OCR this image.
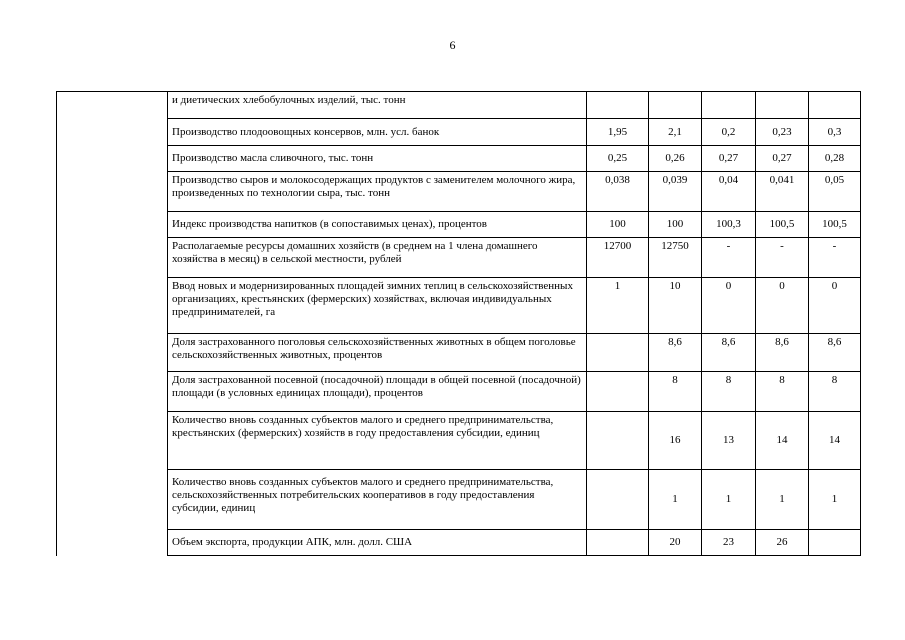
6
	и диетических хлебобулочных изделий, тыс. тонн					
	Производство плодоовощных консервов, млн. усл. банок	1,95	2,1	0,2	0,23	0,3
	Производство масла сливочного, тыс. тонн	0,25	0,26	0,27	0,27	0,28
	Производство сыров и молокосодержащих продуктов с заменителем молочного жира, произведенных по технологии сыра, тыс. тонн	0,038	0,039	0,04	0,041	0,05
	Индекс производства напитков (в сопоставимых ценах), процентов	100	100	100,3	100,5	100,5
	Располагаемые ресурсы домашних хозяйств (в среднем на 1 члена домашнего хозяйства в месяц) в сельской местности, рублей	12700	12750	-	-	-
	Ввод новых и модернизированных площадей зимних теплиц в сельскохозяйственных организациях, крестьянских (фермерских) хозяйствах, включая индивидуальных предпринимателей, га	1	10	0	0	0
	Доля застрахованного поголовья сельскохозяйственных животных в общем поголовье сельскохозяйственных животных, процентов		8,6	8,6	8,6	8,6
	Доля застрахованной посевной (посадочной) площади в общей посевной (посадочной) площади (в условных единицах площади), процентов		8	8	8	8
	Количество вновь созданных субъектов малого и среднего предпринимательства, крестьянских (фермерских) хозяйств в году предоставления субсидии, единиц		16	13	14	14
	Количество вновь созданных субъектов малого и среднего предпринимательства, сельскохозяйственных потребительских кооперативов в году предоставления субсидии, единиц		1	1	1	1
	Объем экспорта, продукции АПК, млн. долл. США		20	23	26	
